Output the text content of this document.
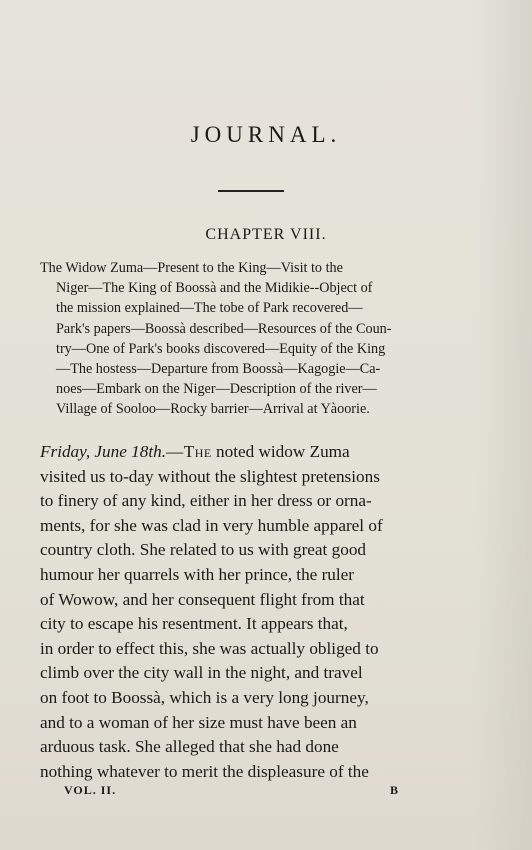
JOURNAL.
CHAPTER VIII.
The Widow Zuma—Present to the King—Visit to the
Niger—The King of Boossà and the Midikie--Object of
the mission explained—The tobe of Park recovered—
Park's papers—Boossà described—Resources of the Coun-
try—One of Park's books discovered—Equity of the King
—The hostess—Departure from Boossà—Kagogie—Ca-
noes—Embark on the Niger—Description of the river—
Village of Sooloo—Rocky barrier—Arrival at Yàoorie.
Friday, June 18th.—The noted widow Zuma
visited us to-day without the slightest pretensions
to finery of any kind, either in her dress or orna-
ments, for she was clad in very humble apparel of
country cloth. She related to us with great good
humour her quarrels with her prince, the ruler
of Wowow, and her consequent flight from that
city to escape his resentment. It appears that,
in order to effect this, she was actually obliged to
climb over the city wall in the night, and travel
on foot to Boossà, which is a very long journey,
and to a woman of her size must have been an
arduous task. She alleged that she had done
nothing whatever to merit the displeasure of the
VOL. II.	B
